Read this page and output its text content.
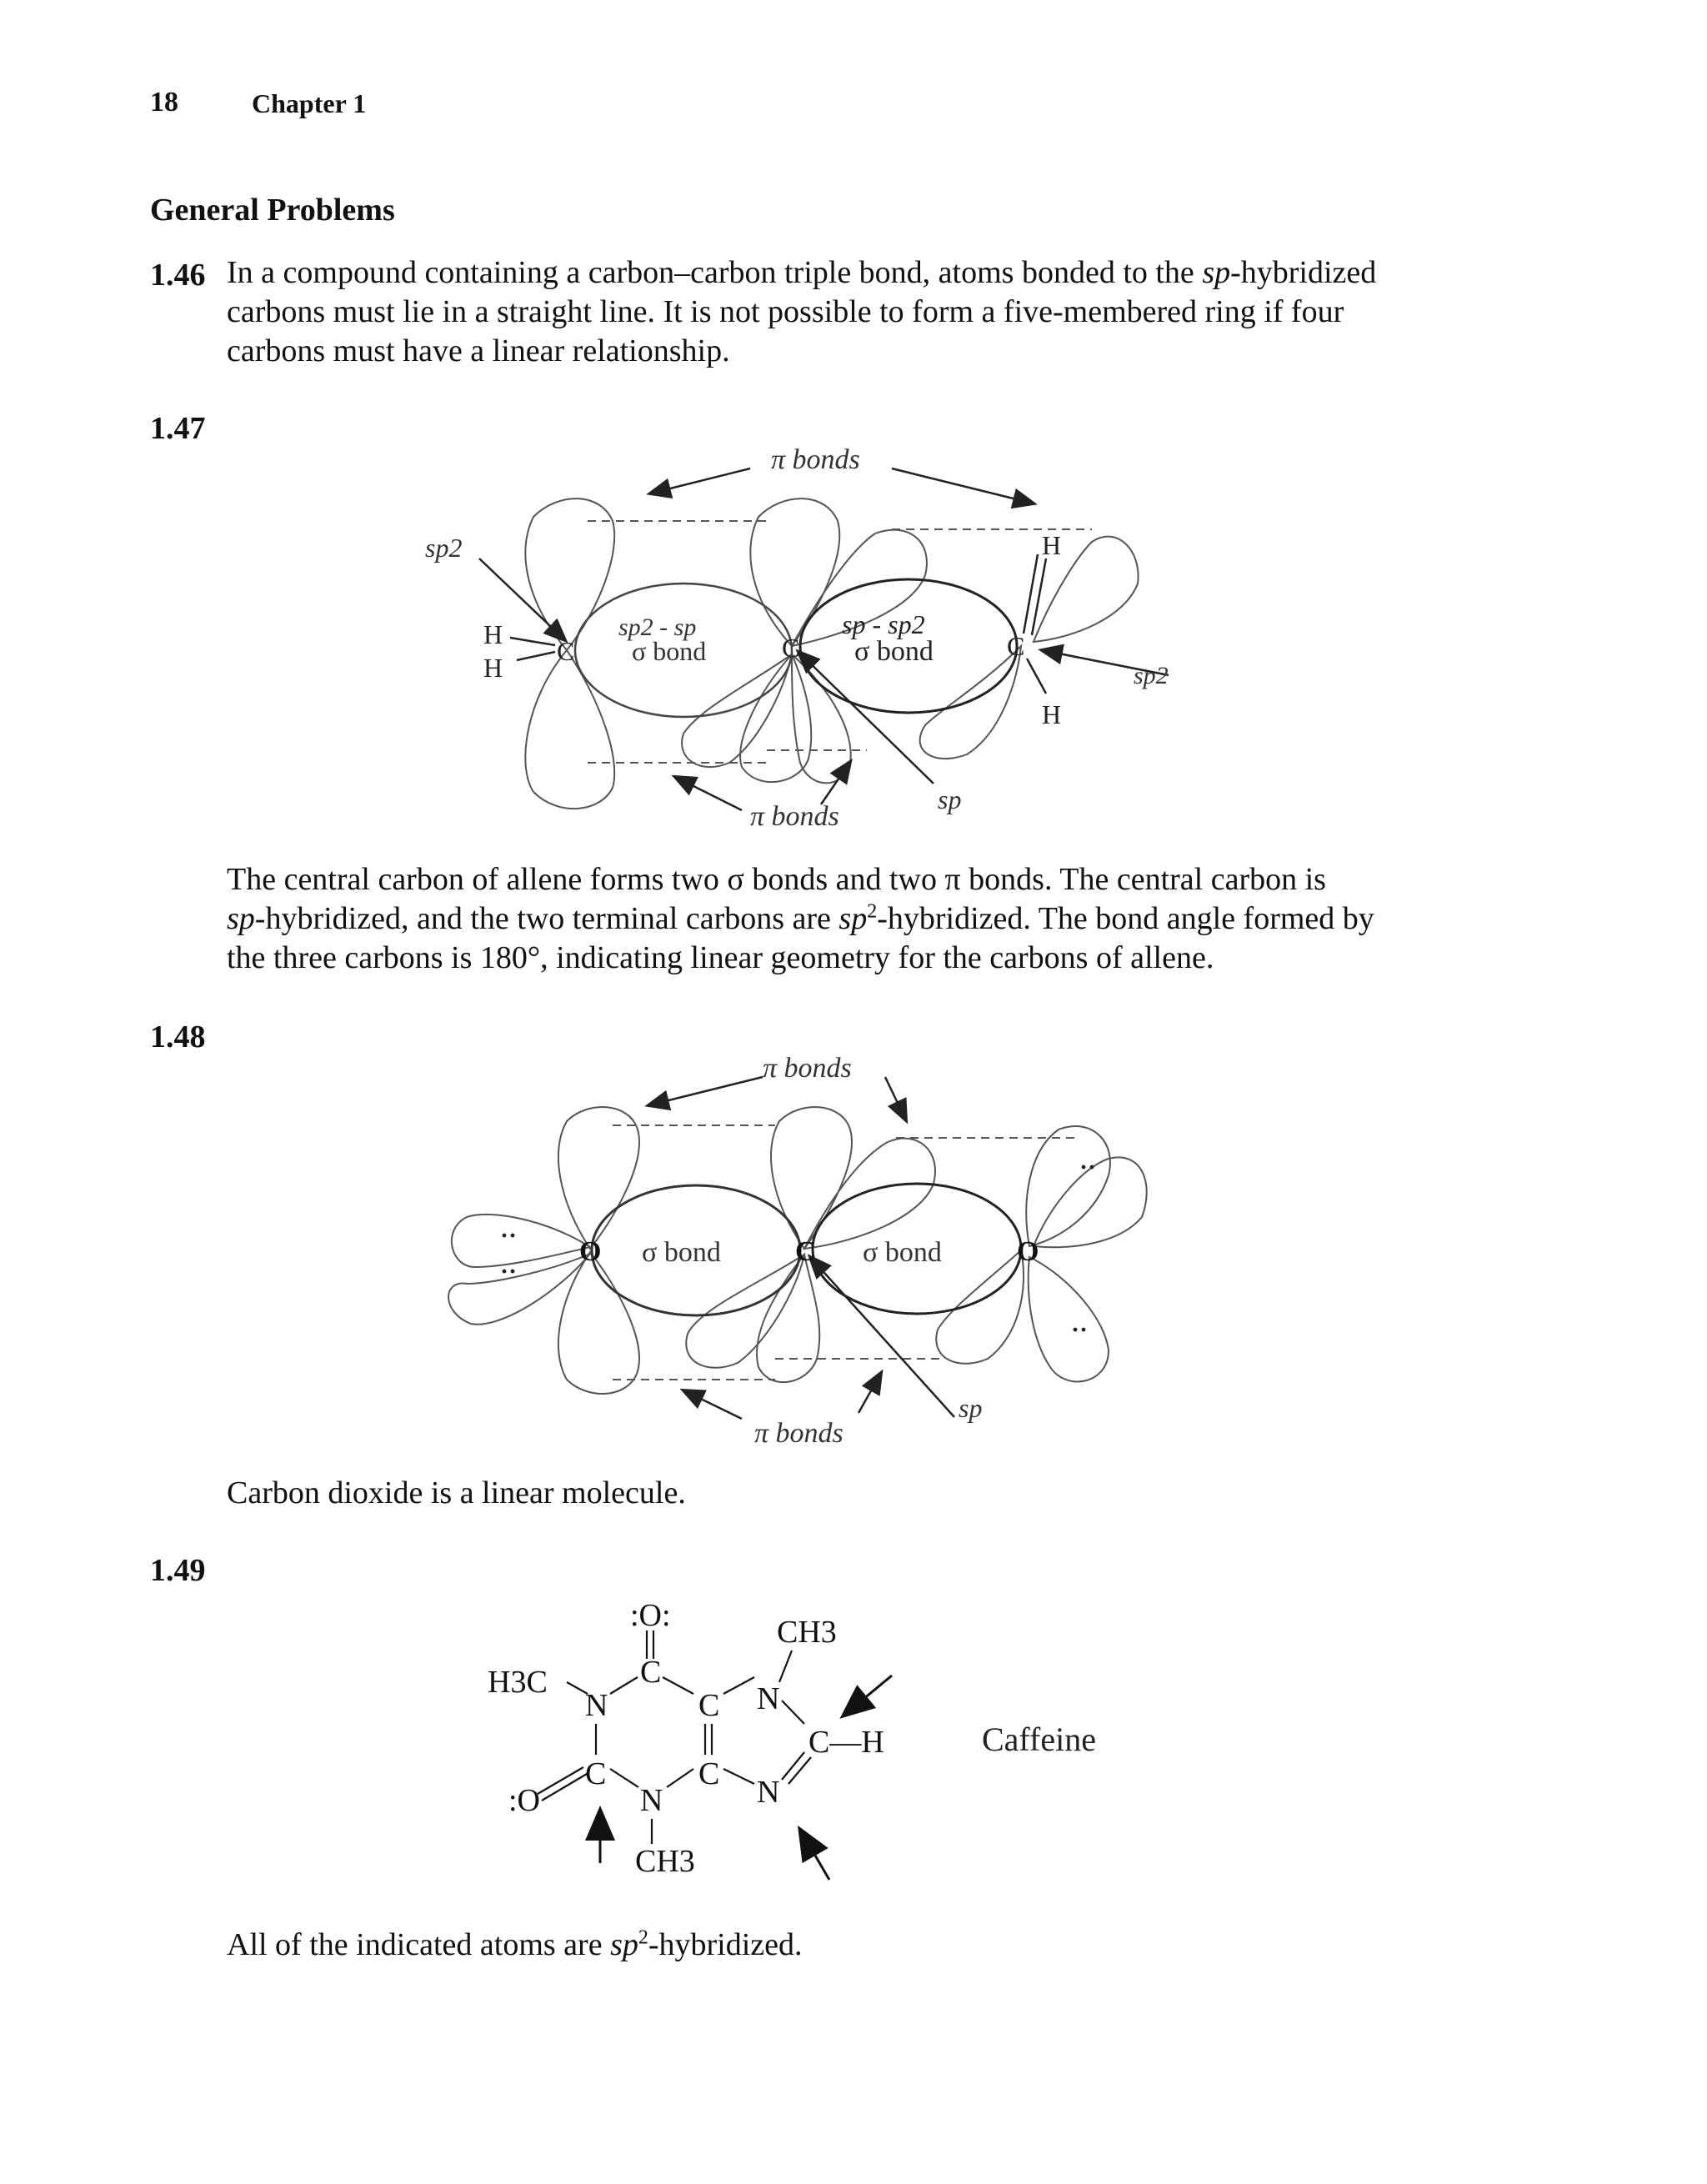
18	Chapter 1
General Problems
1.46 In a compound containing a carbon–carbon triple bond, atoms bonded to the sp-hybridized
carbons must lie in a straight line. It is not possible to form a five-membered ring if four
carbons must have a linear relationship.
1.47
π bonds
π bonds
sp2
sp2
sp
sp2 - sp
σ bond
sp - sp2
σ bond
C	C	C
H
H
H
H
The central carbon of allene forms two σ bonds and two π bonds. The central carbon is
sp-hybridized, and the two terminal carbons are $sp^2$-hybridized. The bond angle formed by
the three carbons is 180°, indicating linear geometry for the carbons of allene.
1.48
π bonds
π bonds
sp
σ bond	σ bond
O	C	O
··
··
··
··
Carbon dioxide is a linear molecule.
1.49
:O:	CH3
H3C	C
N	C N
C—H
C	C
N
N
:O
CH3
Caffeine
All of the indicated atoms are $sp^2$-hybridized.
